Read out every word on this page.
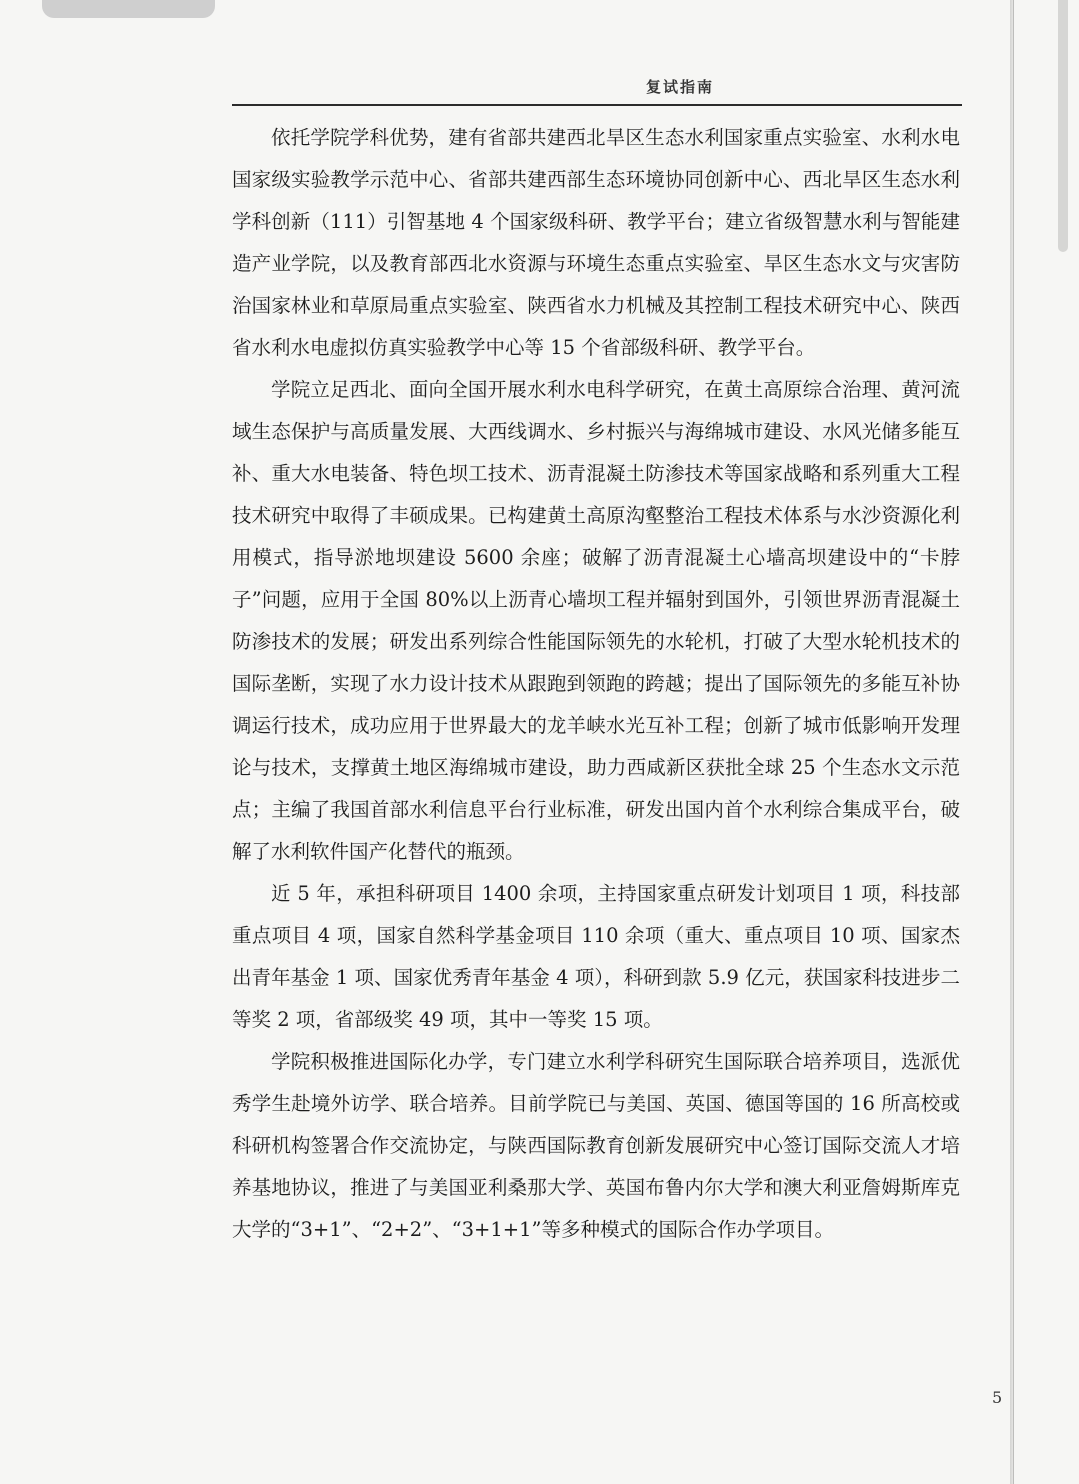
复试指南

依托学院学科优势，建有省部共建西北旱区生态水利国家重点实验室、水利水电国家级实验教学示范中心、省部共建西部生态环境协同创新中心、西北旱区生态水利学科创新（111）引智基地 4 个国家级科研、教学平台；建立省级智慧水利与智能建造产业学院，以及教育部西北水资源与环境生态重点实验室、旱区生态水文与灾害防治国家林业和草原局重点实验室、陕西省水力机械及其控制工程技术研究中心、陕西省水利水电虚拟仿真实验教学中心等 15 个省部级科研、教学平台。

学院立足西北、面向全国开展水利水电科学研究，在黄土高原综合治理、黄河流域生态保护与高质量发展、大西线调水、乡村振兴与海绵城市建设、水风光储多能互补、重大水电装备、特色坝工技术、沥青混凝土防渗技术等国家战略和系列重大工程技术研究中取得了丰硕成果。已构建黄土高原沟壑整治工程技术体系与水沙资源化利用模式，指导淤地坝建设 5600 余座；破解了沥青混凝土心墙高坝建设中的“卡脖子”问题，应用于全国 80%以上沥青心墙坝工程并辐射到国外，引领世界沥青混凝土防渗技术的发展；研发出系列综合性能国际领先的水轮机，打破了大型水轮机技术的国际垄断，实现了水力设计技术从跟跑到领跑的跨越；提出了国际领先的多能互补协调运行技术，成功应用于世界最大的龙羊峡水光互补工程；创新了城市低影响开发理论与技术，支撑黄土地区海绵城市建设，助力西咸新区获批全球 25 个生态水文示范点；主编了我国首部水利信息平台行业标准，研发出国内首个水利综合集成平台，破解了水利软件国产化替代的瓶颈。

近 5 年，承担科研项目 1400 余项，主持国家重点研发计划项目 1 项，科技部重点项目 4 项，国家自然科学基金项目 110 余项（重大、重点项目 10 项、国家杰出青年基金 1 项、国家优秀青年基金 4 项），科研到款 5.9 亿元，获国家科技进步二等奖 2 项，省部级奖 49 项，其中一等奖 15 项。

学院积极推进国际化办学，专门建立水利学科研究生国际联合培养项目，选派优秀学生赴境外访学、联合培养。目前学院已与美国、英国、德国等国的 16 所高校或科研机构签署合作交流协定，与陕西国际教育创新发展研究中心签订国际交流人才培养基地协议，推进了与美国亚利桑那大学、英国布鲁内尔大学和澳大利亚詹姆斯库克大学的“3+1”、“2+2”、“3+1+1”等多种模式的国际合作办学项目。

5
